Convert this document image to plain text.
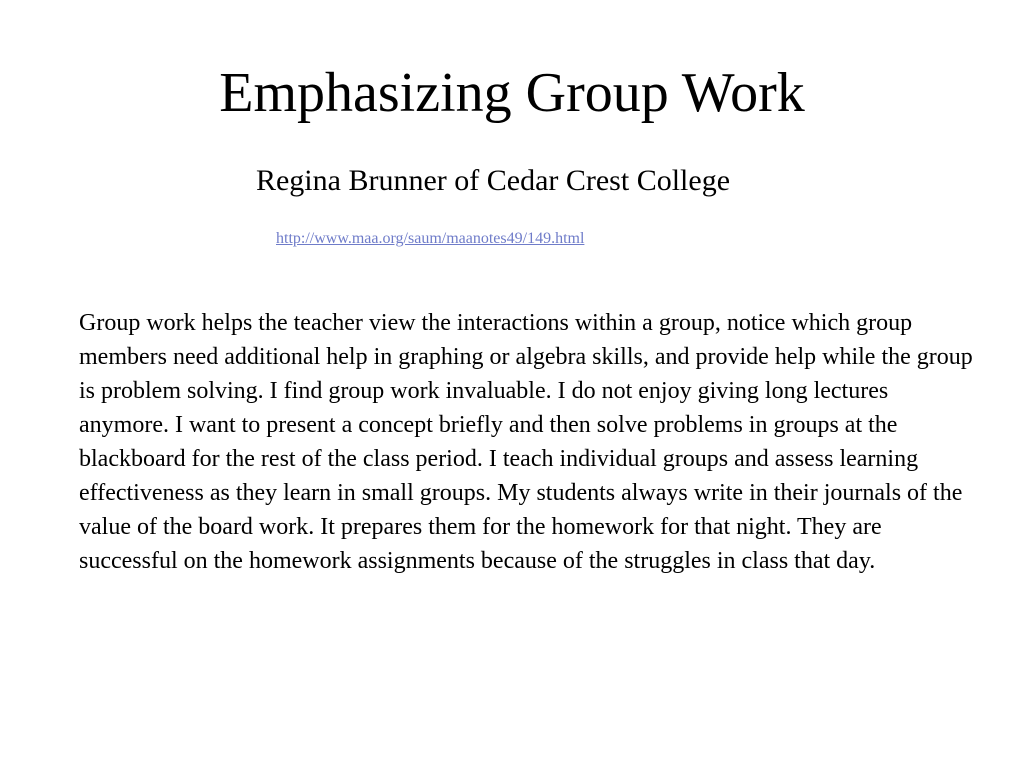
Emphasizing Group Work

Regina Brunner of Cedar Crest College

http://www.maa.org/saum/maanotes49/149.html

Group work helps the teacher view the interactions within a group, notice which group members need additional help in graphing or algebra skills, and provide help while the group is problem solving. I find group work invaluable. I do not enjoy giving long lectures anymore. I want to present a concept briefly and then solve problems in groups at the blackboard for the rest of the class period. I teach individual groups and assess learning effectiveness as they learn in small groups. My students always write in their journals of the value of the board work. It prepares them for the homework for that night. They are successful on the homework assignments because of the struggles in class that day.
